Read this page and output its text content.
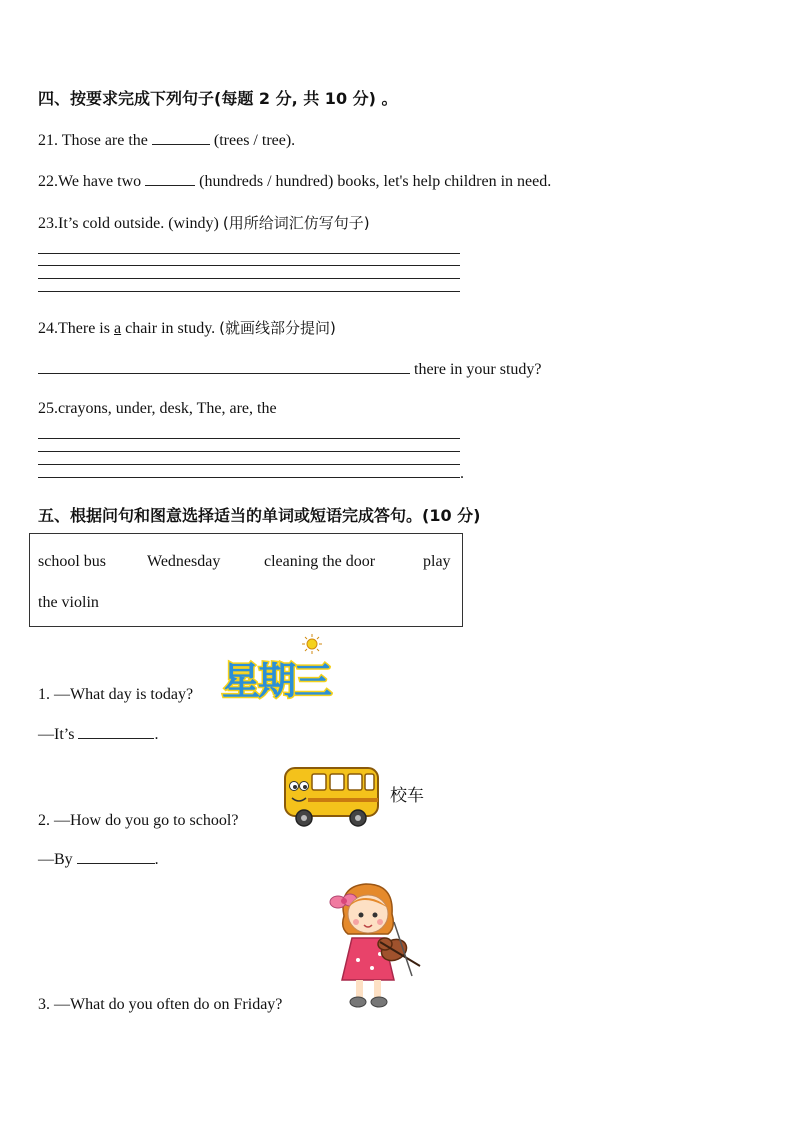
四、按要求完成下列句子(每题 2 分, 共 10 分) 。
21. Those are the	(trees / tree).
22.We have two	(hundreds / hundred) books, let's help children in need.
23.It’s cold outside. (windy) (用所给词汇仿写句子)
24.There is a chair in study. (就画线部分提问)
there in your study?
25.crayons, under, desk, The, are, the
.
五、根据问句和图意选择适当的单词或短语完成答句。(10 分)
school bus	Wednesday	cleaning the door	play
the violin
星期三
1. —What day is today?
—It’s	.
校车
2. —How do you go to school?
—By	.
3. —What do you often do on Friday?
